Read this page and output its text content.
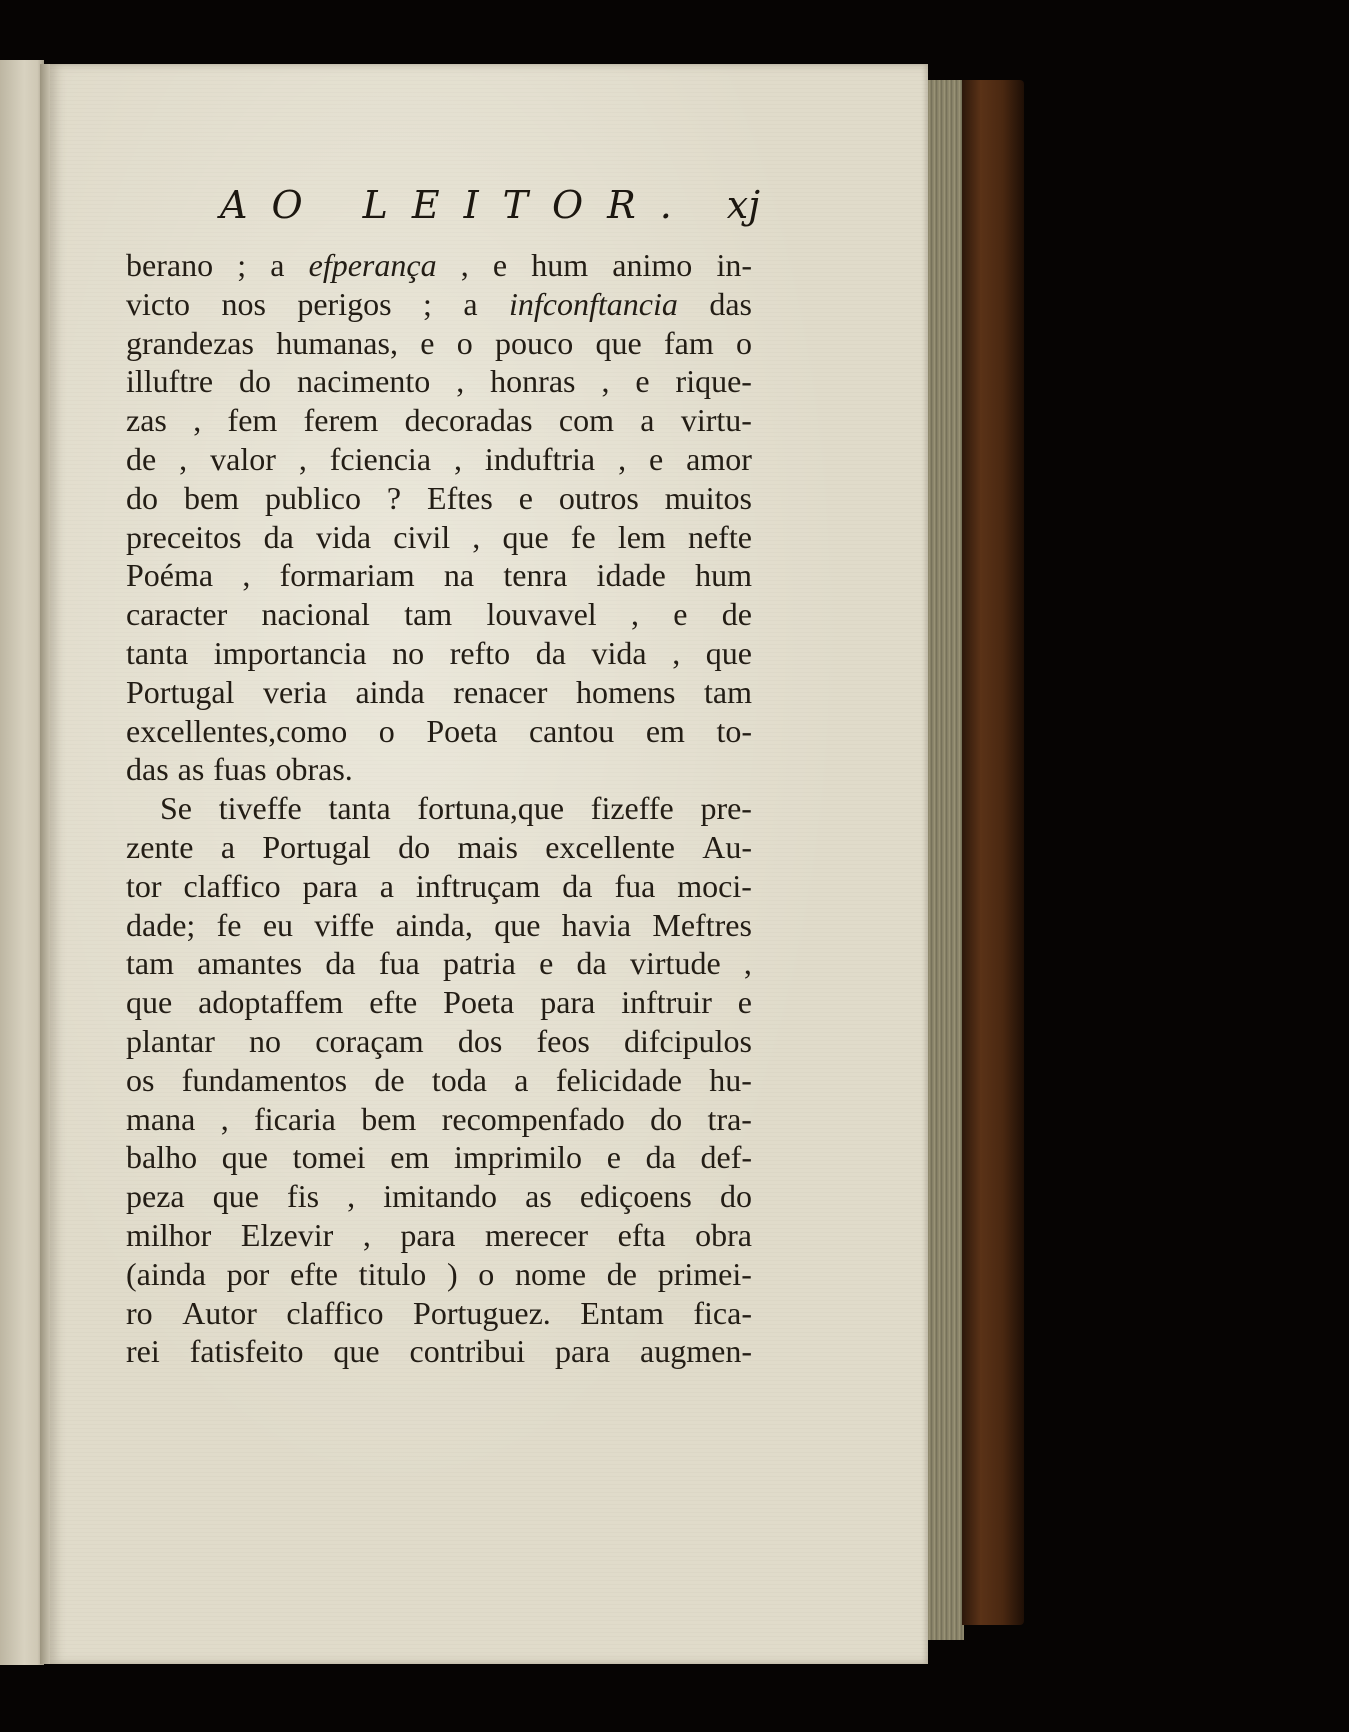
AO LEITOR. xj
berano ; a efperança , e hum animo in-
victo nos perigos ; a infconftancia das
grandezas humanas, e o pouco que fam o
illuftre do nacimento , honras , e rique-
zas , fem ferem decoradas com a virtu-
de , valor , fciencia , induftria , e amor
do bem publico ? Eftes e outros muitos
preceitos da vida civil , que fe lem nefte
Poéma , formariam na tenra idade hum
caracter nacional tam louvavel , e de
tanta importancia no refto da vida , que
Portugal veria ainda renacer homens tam
excellentes,como o Poeta cantou em to-
das as fuas obras.
Se tiveffe tanta fortuna,que fizeffe pre-
zente a Portugal do mais excellente Au-
tor claffico para a inftruçam da fua moci-
dade; fe eu viffe ainda, que havia Meftres
tam amantes da fua patria e da virtude ,
que adoptaffem efte Poeta para inftruir e
plantar no coraçam dos feos difcipulos
os fundamentos de toda a felicidade hu-
mana , ficaria bem recompenfado do tra-
balho que tomei em imprimilo e da def-
peza que fis , imitando as ediçoens do
milhor Elzevir , para merecer efta obra
(ainda por efte titulo ) o nome de primei-
ro Autor claffico Portuguez. Entam fica-
rei fatisfeito que contribui para augmen-
